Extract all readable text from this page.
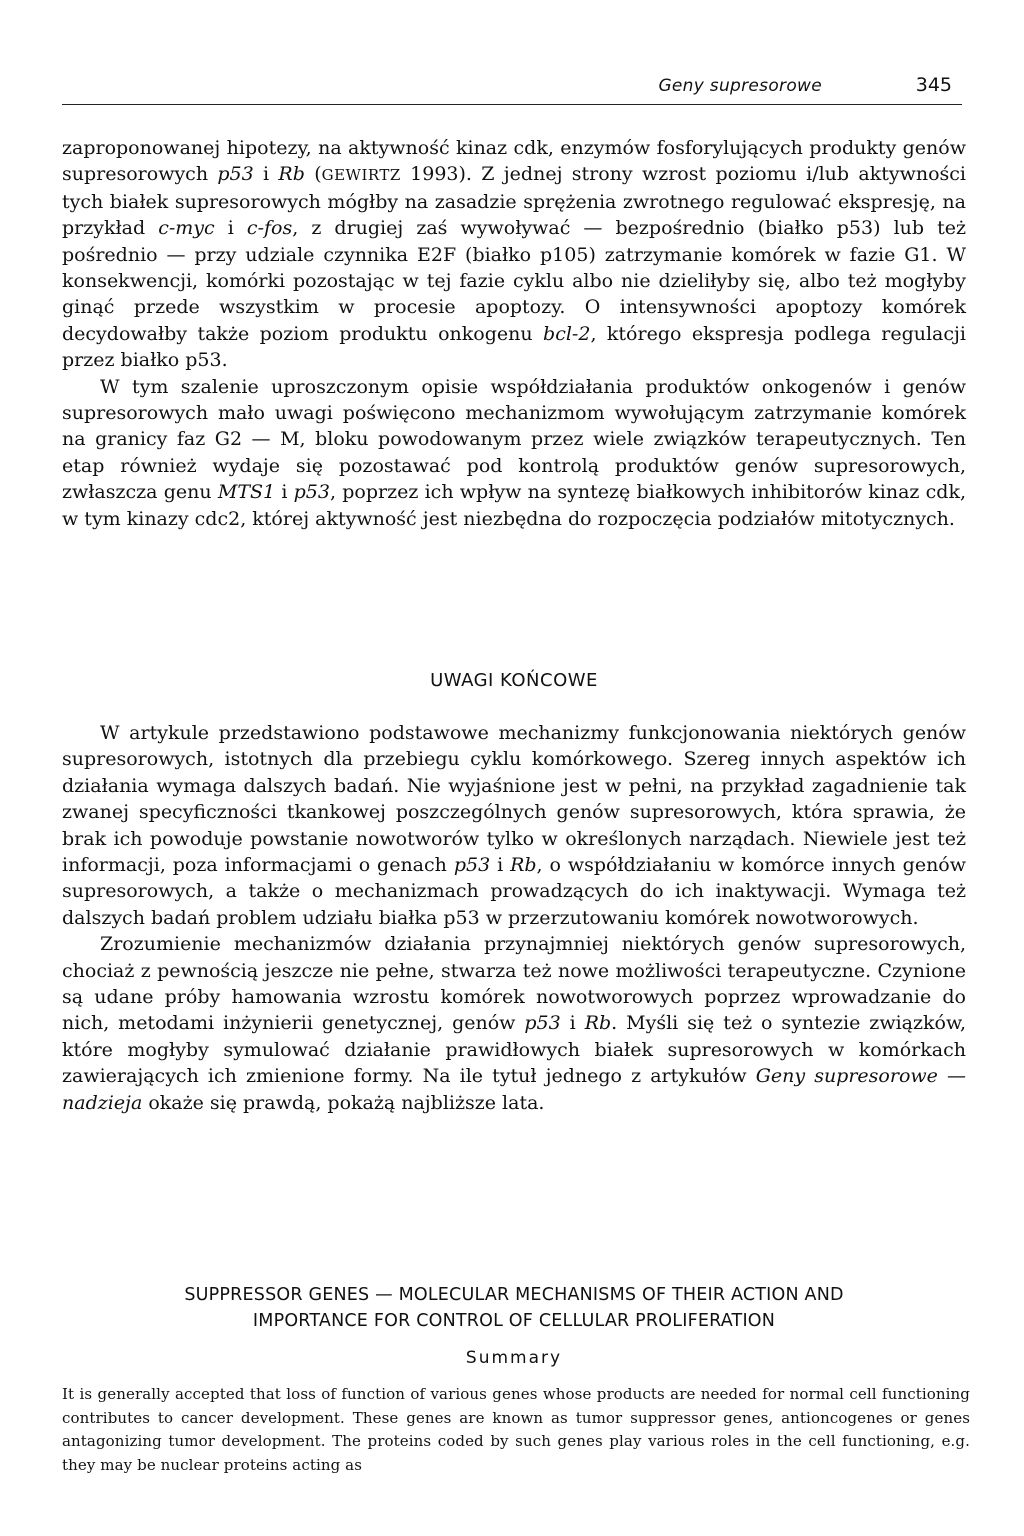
Geny supresorowe	345

zaproponowanej hipotezy, na aktywność kinaz cdk, enzymów fosforylujących produkty genów supresorowych p53 i Rb (GEWIRTZ 1993). Z jednej strony wzrost poziomu i/lub aktywności tych białek supresorowych mógłby na zasadzie sprężenia zwrotnego regulować ekspresję, na przykład c-myc i c-fos, z drugiej zaś wywoływać — bezpośrednio (białko p53) lub też pośrednio — przy udziale czynnika E2F (białko p105) zatrzymanie komórek w fazie G1. W konsekwencji, komórki pozostając w tej fazie cyklu albo nie dzieliłyby się, albo też mogłyby ginąć przede wszystkim w procesie apoptozy. O intensywności apoptozy komórek decydowałby także poziom produktu onkogenu bcl-2, którego ekspresja podlega regulacji przez białko p53.

W tym szalenie uproszczonym opisie współdziałania produktów onkogenów i genów supresorowych mało uwagi poświęcono mechanizmom wywołującym zatrzymanie komórek na granicy faz G2 — M, bloku powodowanym przez wiele związków terapeutycznych. Ten etap również wydaje się pozostawać pod kontrolą produktów genów supresorowych, zwłaszcza genu MTS1 i p53, poprzez ich wpływ na syntezę białkowych inhibitorów kinaz cdk, w tym kinazy cdc2, której aktywność jest niezbędna do rozpoczęcia podziałów mitotycznych.

UWAGI KOŃCOWE

W artykule przedstawiono podstawowe mechanizmy funkcjonowania niektórych genów supresorowych, istotnych dla przebiegu cyklu komórkowego. Szereg innych aspektów ich działania wymaga dalszych badań. Nie wyjaśnione jest w pełni, na przykład zagadnienie tak zwanej specyficzności tkankowej poszczególnych genów supresorowych, która sprawia, że brak ich powoduje powstanie nowotworów tylko w określonych narządach. Niewiele jest też informacji, poza informacjami o genach p53 i Rb, o współdziałaniu w komórce innych genów supresorowych, a także o mechanizmach prowadzących do ich inaktywacji. Wymaga też dalszych badań problem udziału białka p53 w przerzutowaniu komórek nowotworowych.

Zrozumienie mechanizmów działania przynajmniej niektórych genów supresorowych, chociaż z pewnością jeszcze nie pełne, stwarza też nowe możliwości terapeutyczne. Czynione są udane próby hamowania wzrostu komórek nowotworowych poprzez wprowadzanie do nich, metodami inżynierii genetycznej, genów p53 i Rb. Myśli się też o syntezie związków, które mogłyby symulować działanie prawidłowych białek supresorowych w komórkach zawierających ich zmienione formy. Na ile tytuł jednego z artykułów Geny supresorowe — nadzieja okaże się prawdą, pokażą najbliższe lata.

SUPPRESSOR GENES — MOLECULAR MECHANISMS OF THEIR ACTION AND
IMPORTANCE FOR CONTROL OF CELLULAR PROLIFERATION
Summary

It is generally accepted that loss of function of various genes whose products are needed for normal cell functioning contributes to cancer development. These genes are known as tumor suppressor genes, antioncogenes or genes antagonizing tumor development. The proteins coded by such genes play various roles in the cell functioning, e.g. they may be nuclear proteins acting as
